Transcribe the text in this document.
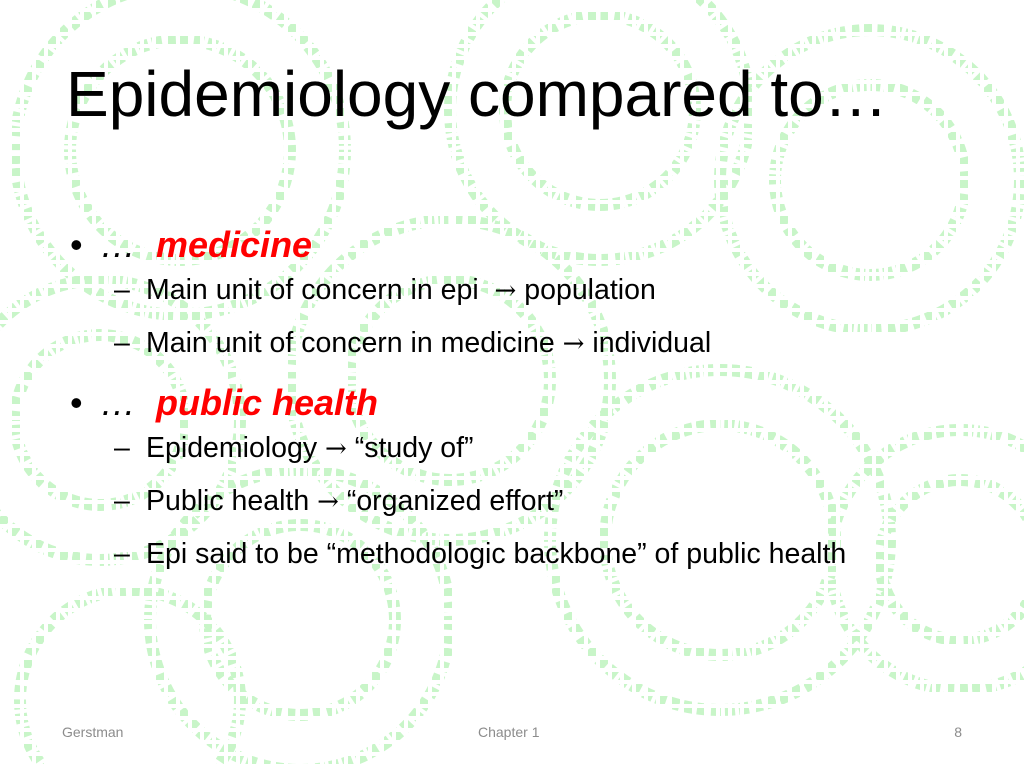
Epidemiology compared to…
• … medicine
– Main unit of concern in epi → population
– Main unit of concern in medicine → individual
• … public health
– Epidemiology → “study of”
– Public health → “organized effort”
– Epi said to be “methodologic backbone” of public health
Gerstman	Chapter 1	8
